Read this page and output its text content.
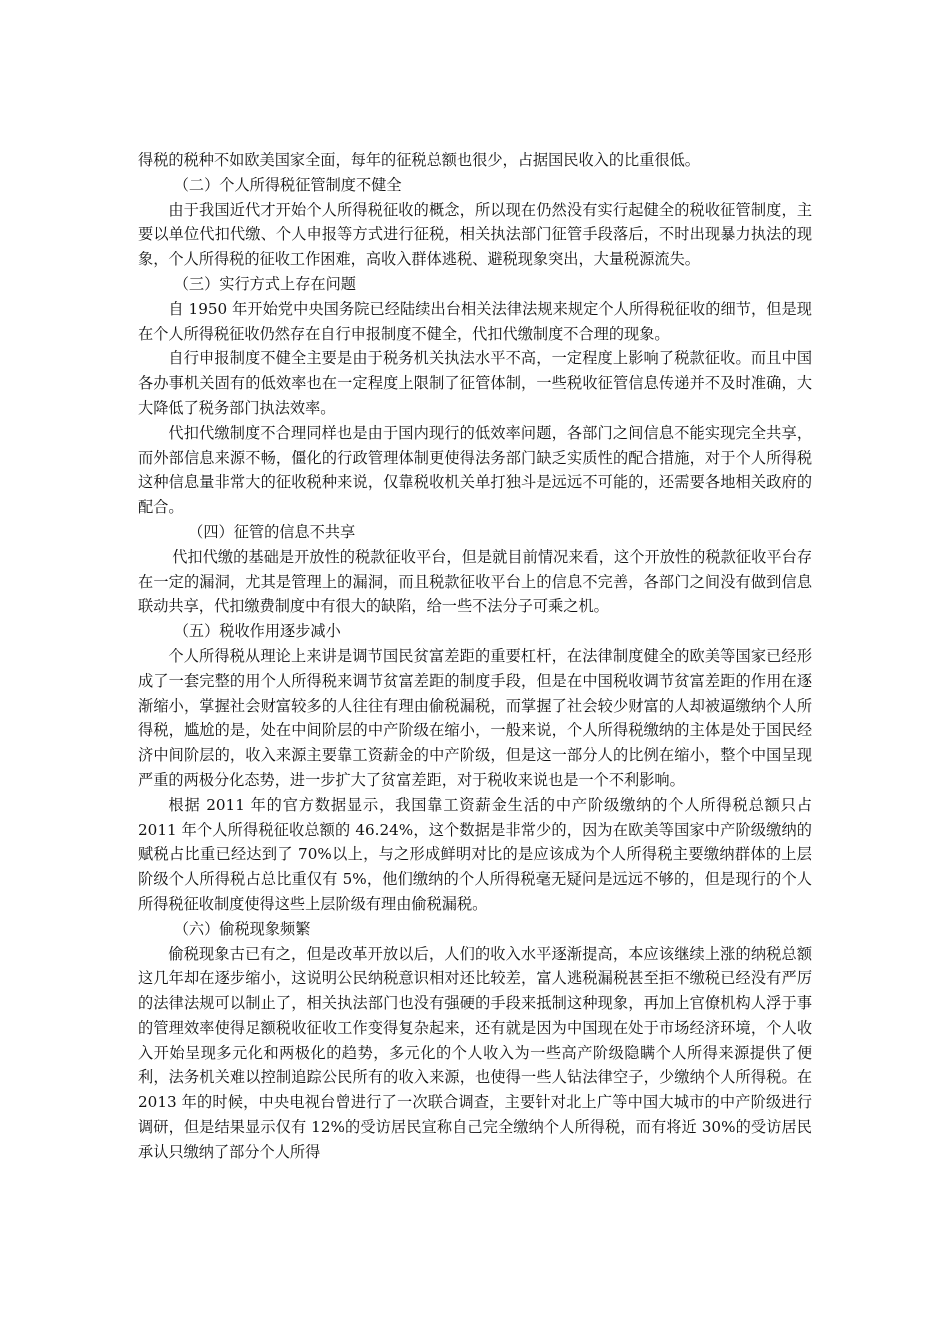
得税的税种不如欧美国家全面，每年的征税总额也很少，占据国民收入的比重很低。

（二）个人所得税征管制度不健全

由于我国近代才开始个人所得税征收的概念，所以现在仍然没有实行起健全的税收征管制度，主要以单位代扣代缴、个人申报等方式进行征税，相关执法部门征管手段落后，不时出现暴力执法的现象，个人所得税的征收工作困难，高收入群体逃税、避税现象突出，大量税源流失。

（三）实行方式上存在问题

自 1950 年开始党中央国务院已经陆续出台相关法律法规来规定个人所得税征收的细节，但是现在个人所得税征收仍然存在自行申报制度不健全，代扣代缴制度不合理的现象。

自行申报制度不健全主要是由于税务机关执法水平不高，一定程度上影响了税款征收。而且中国各办事机关固有的低效率也在一定程度上限制了征管体制，一些税收征管信息传递并不及时准确，大大降低了税务部门执法效率。

代扣代缴制度不合理同样也是由于国内现行的低效率问题，各部门之间信息不能实现完全共享，而外部信息来源不畅，僵化的行政管理体制更使得法务部门缺乏实质性的配合措施，对于个人所得税这种信息量非常大的征收税种来说，仅靠税收机关单打独斗是远远不可能的，还需要各地相关政府的配合。

（四）征管的信息不共享

代扣代缴的基础是开放性的税款征收平台，但是就目前情况来看，这个开放性的税款征收平台存在一定的漏洞，尤其是管理上的漏洞，而且税款征收平台上的信息不完善，各部门之间没有做到信息联动共享，代扣缴费制度中有很大的缺陷，给一些不法分子可乘之机。

（五）税收作用逐步减小

个人所得税从理论上来讲是调节国民贫富差距的重要杠杆，在法律制度健全的欧美等国家已经形成了一套完整的用个人所得税来调节贫富差距的制度手段，但是在中国税收调节贫富差距的作用在逐渐缩小，掌握社会财富较多的人往往有理由偷税漏税，而掌握了社会较少财富的人却被逼缴纳个人所得税，尴尬的是，处在中间阶层的中产阶级在缩小，一般来说，个人所得税缴纳的主体是处于国民经济中间阶层的，收入来源主要靠工资薪金的中产阶级，但是这一部分人的比例在缩小，整个中国呈现严重的两极分化态势，进一步扩大了贫富差距，对于税收来说也是一个不利影响。

根据 2011 年的官方数据显示，我国靠工资薪金生活的中产阶级缴纳的个人所得税总额只占 2011 年个人所得税征收总额的 46.24%，这个数据是非常少的，因为在欧美等国家中产阶级缴纳的赋税占比重已经达到了 70%以上，与之形成鲜明对比的是应该成为个人所得税主要缴纳群体的上层阶级个人所得税占总比重仅有 5%，他们缴纳的个人所得税毫无疑问是远远不够的，但是现行的个人所得税征收制度使得这些上层阶级有理由偷税漏税。

（六）偷税现象频繁

偷税现象古已有之，但是改革开放以后，人们的收入水平逐渐提高，本应该继续上涨的纳税总额这几年却在逐步缩小，这说明公民纳税意识相对还比较差，富人逃税漏税甚至拒不缴税已经没有严厉的法律法规可以制止了，相关执法部门也没有强硬的手段来抵制这种现象，再加上官僚机构人浮于事的管理效率使得足额税收征收工作变得复杂起来，还有就是因为中国现在处于市场经济环境，个人收入开始呈现多元化和两极化的趋势，多元化的个人收入为一些高产阶级隐瞒个人所得来源提供了便利，法务机关难以控制追踪公民所有的收入来源，也使得一些人钻法律空子，少缴纳个人所得税。在 2013 年的时候，中央电视台曾进行了一次联合调查，主要针对北上广等中国大城市的中产阶级进行调研，但是结果显示仅有 12%的受访居民宣称自己完全缴纳个人所得税，而有将近 30%的受访居民承认只缴纳了部分个人所得
